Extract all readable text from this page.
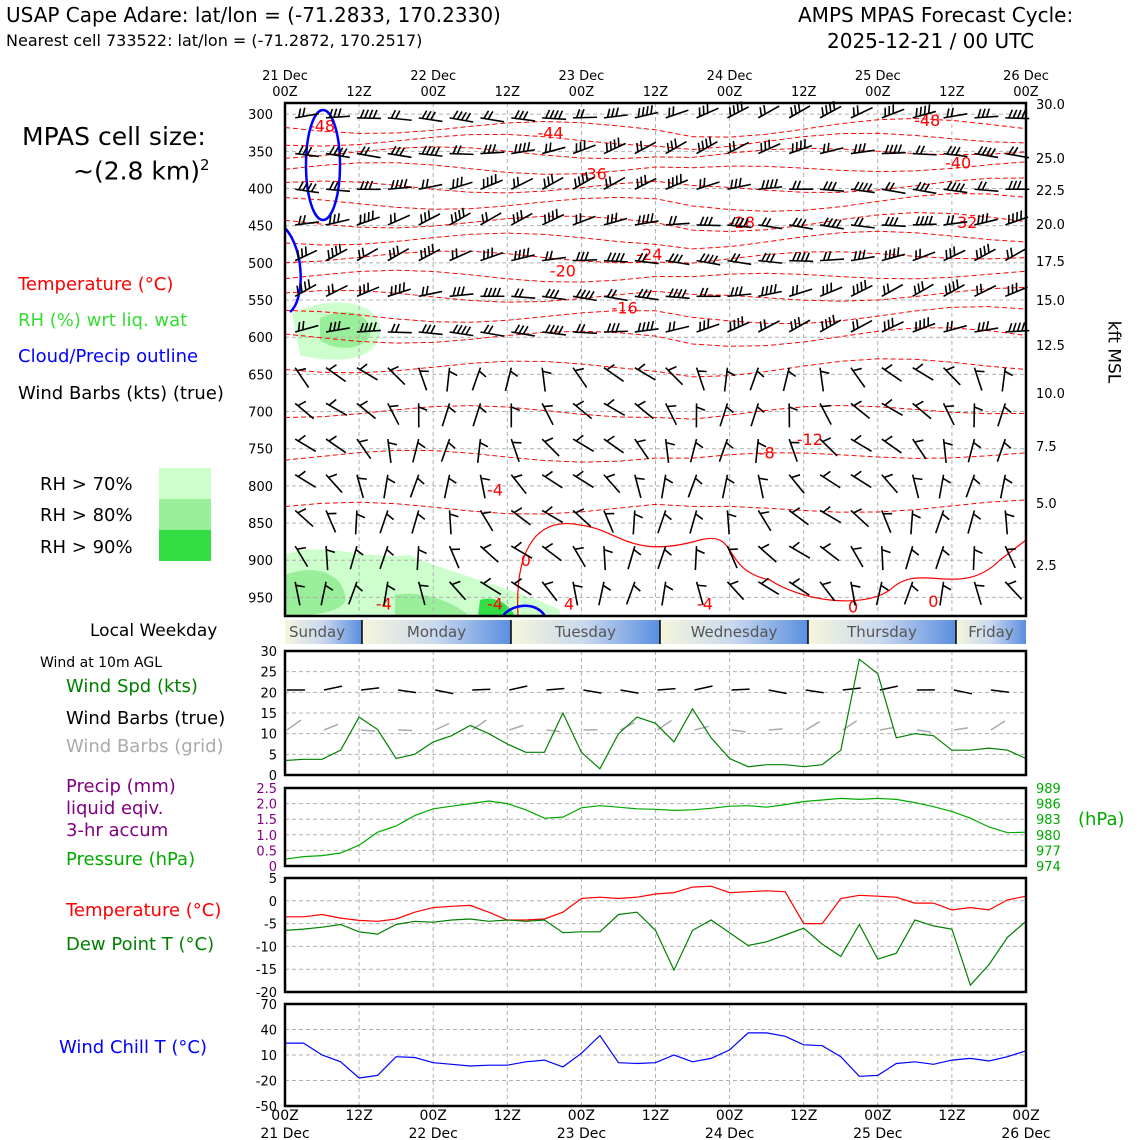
USAP Cape Adare: lat/lon = (-71.2833, 170.2330)
Nearest cell 733522: lat/lon = (-71.2872, 170.2517)
AMPS MPAS Forecast Cycle:
2025-12-21 / 00 UTC
MPAS cell size:
~(2.8 km)$^2$
Temperature (°C)
RH (%) wrt liq. wat
Cloud/Precip outline
Wind Barbs (kts) (true)
RH > 70%
RH > 80%
RH > 90%
Local Weekday
Wind at 10m AGL
Wind Spd (kts)
Wind Barbs (true)
Wind Barbs (grid)
Precip (mm)
liquid eqiv.
3-hr accum
Pressure (hPa)
Temperature (°C)
Dew Point T (°C)
Wind Chill T (°C)
kft MSL
(hPa)
21 Dec
00Z
00Z
21 Dec
12Z
12Z
22 Dec
00Z
00Z
22 Dec
12Z
12Z
23 Dec
00Z
00Z
23 Dec
12Z
12Z
24 Dec
00Z
00Z
24 Dec
12Z
12Z
25 Dec
00Z
00Z
25 Dec
12Z
12Z
26 Dec
00Z
00Z
26 Dec
300
350
400
450
500
550
600
650
700
750
800
850
900
950
30.0
25.0
22.5
20.0
17.5
15.0
12.5
10.0
7.5
5.0
2.5
-48	-44
-48
-36
-40
-28	-32
-24
-20
-16
-12
-8
-4
0
4
-4	-4	-4	0	0
Sunday	Monday	Tuesday	Wednesday	Thursday	Friday
0
5
10
15
20
25
30
0
0.5
1.0
1.5
2.0
2.5
974
977
980
983
986
989
-20
-15
-10
-5
0
5
-50
-20
10
40
70
